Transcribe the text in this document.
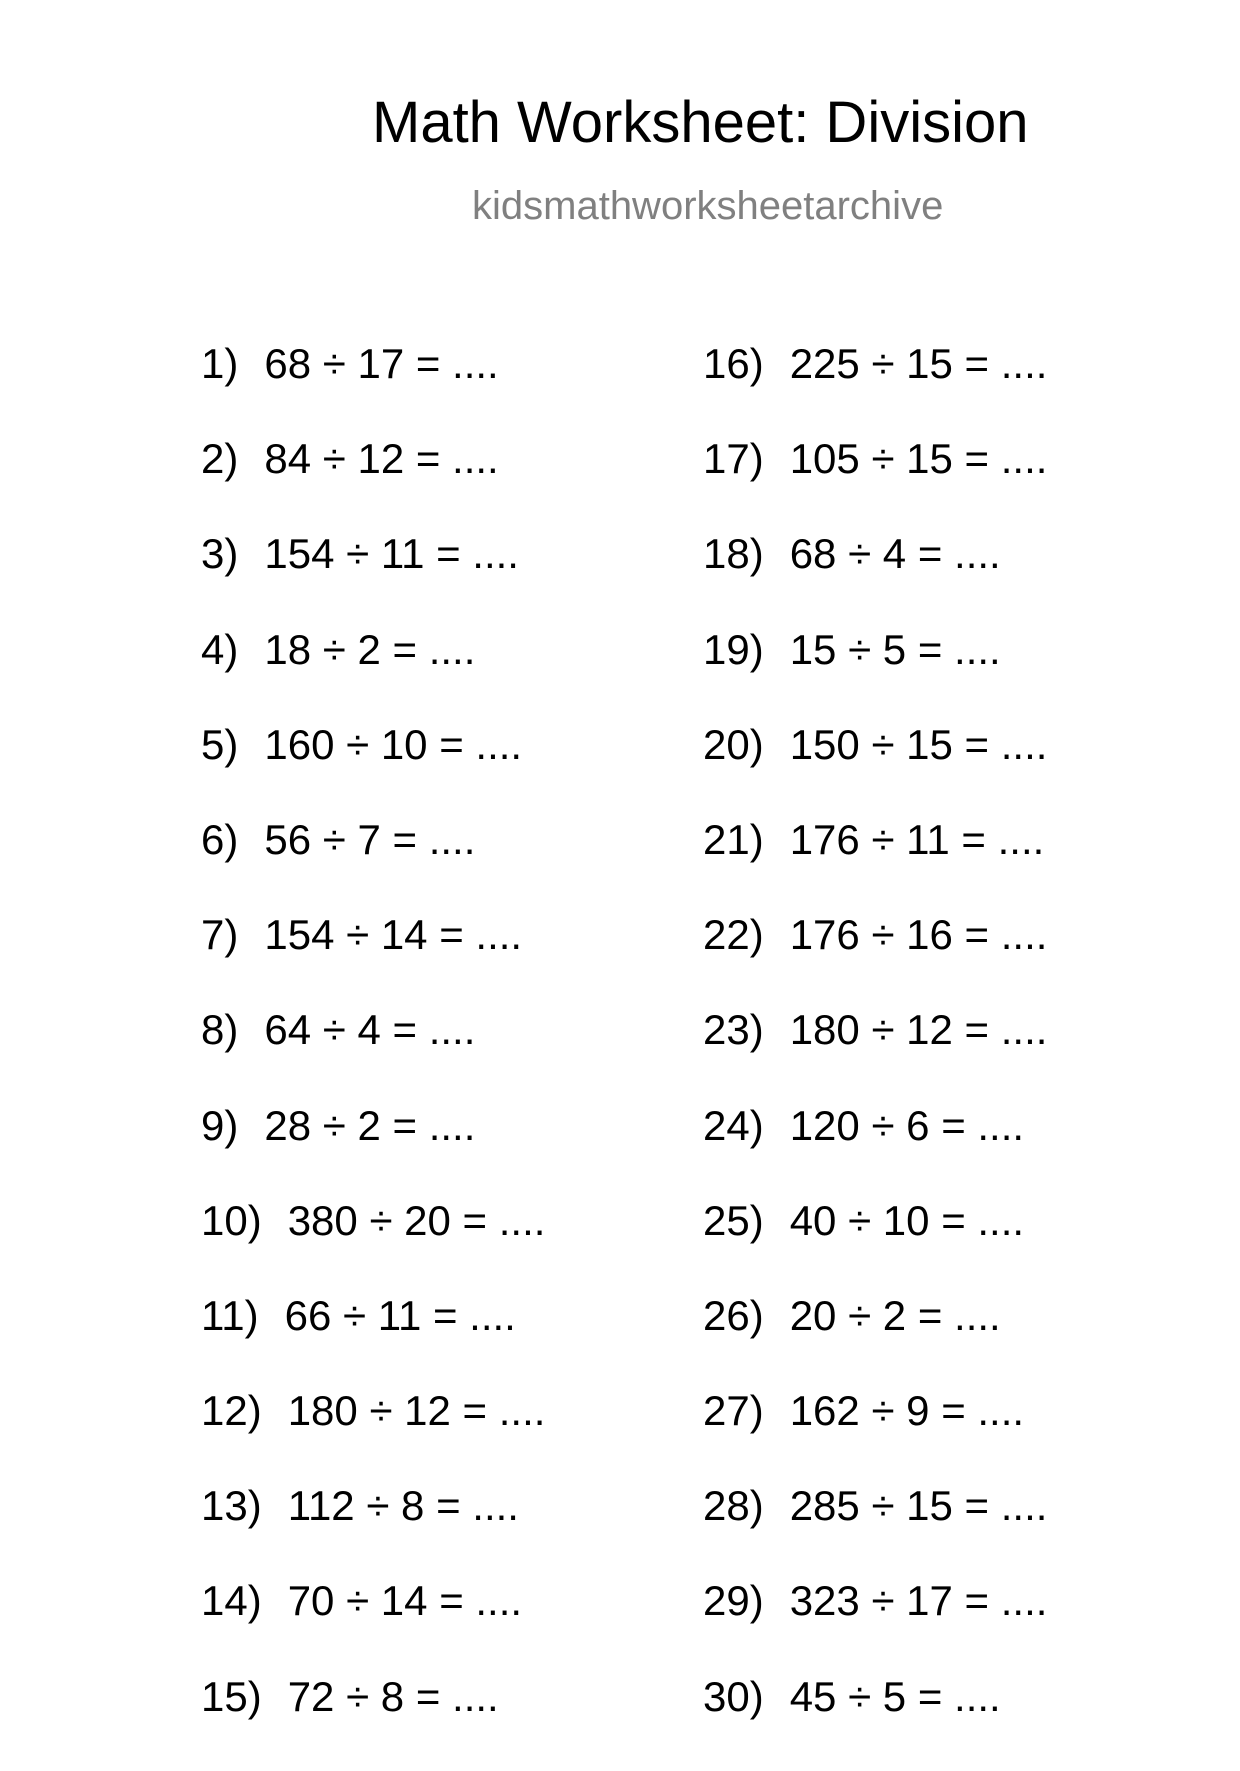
Math Worksheet: Division
kidsmathworksheetarchive
1) 68 ÷ 17 = ....
2) 84 ÷ 12 = ....
3) 154 ÷ 11 = ....
4) 18 ÷ 2 = ....
5) 160 ÷ 10 = ....
6) 56 ÷ 7 = ....
7) 154 ÷ 14 = ....
8) 64 ÷ 4 = ....
9) 28 ÷ 2 = ....
10) 380 ÷ 20 = ....
11) 66 ÷ 11 = ....
12) 180 ÷ 12 = ....
13) 112 ÷ 8 = ....
14) 70 ÷ 14 = ....
15) 72 ÷ 8 = ....
16) 225 ÷ 15 = ....
17) 105 ÷ 15 = ....
18) 68 ÷ 4 = ....
19) 15 ÷ 5 = ....
20) 150 ÷ 15 = ....
21) 176 ÷ 11 = ....
22) 176 ÷ 16 = ....
23) 180 ÷ 12 = ....
24) 120 ÷ 6 = ....
25) 40 ÷ 10 = ....
26) 20 ÷ 2 = ....
27) 162 ÷ 9 = ....
28) 285 ÷ 15 = ....
29) 323 ÷ 17 = ....
30) 45 ÷ 5 = ....
